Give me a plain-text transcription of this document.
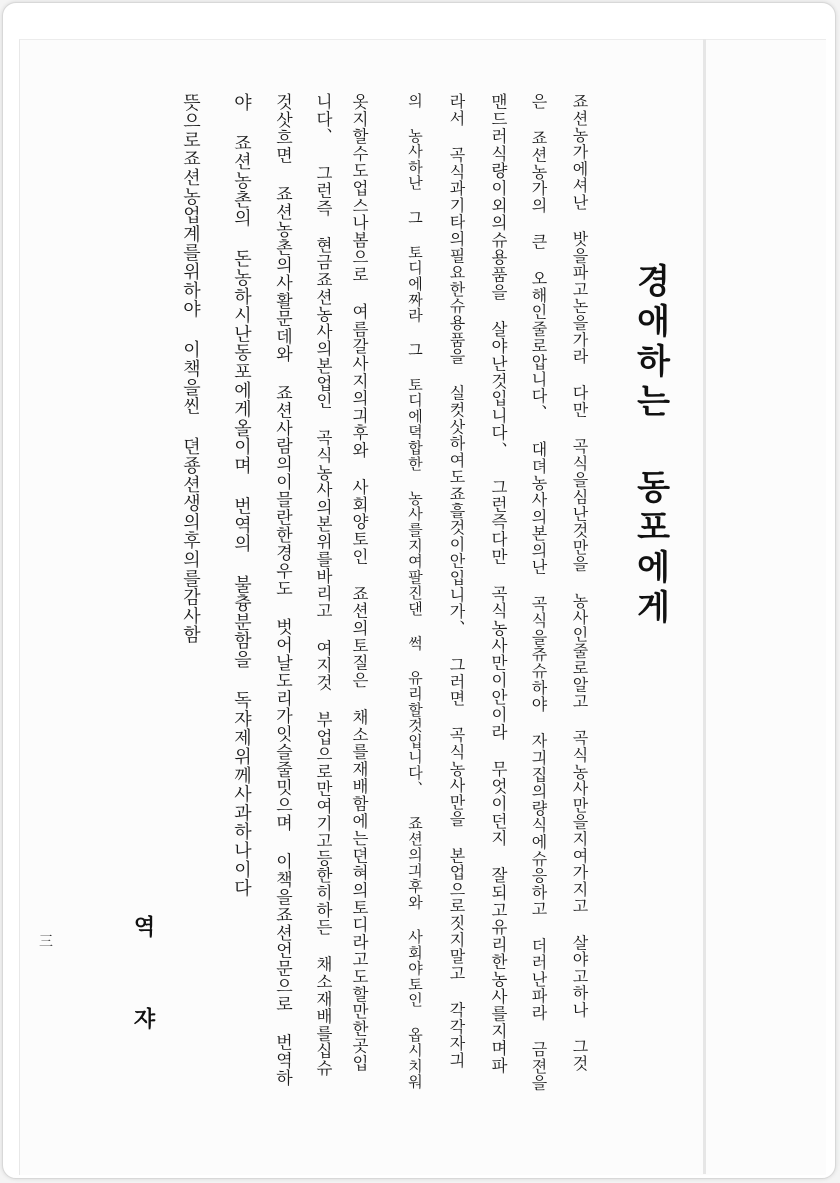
경애하는 동포에게
죠션농가에셔난 밧을파고논을가라 다만 곡식을심난것만을 농사인줄로알고 곡식농사만을지여가지고 살야고하나 그것
은 죠션농가의 큰 오해인줄로압니다、 대뎌농사의본의난 곡식을츄슈하야 자긔집의량식에슈응하고 더러난파라 금젼을
맨드러식량이외의슈용품을 살야난것입니다、 그런즉다만 곡식농사만이안이라 무엇이던지 잘되고유리한농사를지며파
라서 곡식과기타의필요한슈용품을 실컷삿하여도죠흘것이안입니가、 그러면 곡식농사만을 본업으로짓지말고 각각자긔
의 농사하난 그 토디에짜라 그 토디에뎍합한 농사를지여팔진댄 썩 유리할것입니다、 죠션의긔후와 사회야토인 옵시치워
옷지할수도업스나봄으로 여름갈사지의긔후와 사회양토인 죠션의토질은 채소를재배함에는뎐혀의토디라고도할만한곳입
니다、 그런즉 현금죠션농사의본업인 곡식농사의본위를바리고 여지것 부업으로만여기고등한히하든 채소재배를십슈
것삿흐면 죠션농촌의사활문데와 죠션사람의이믈란한경우도 벗어날도리가잇슬줄밋으며 이책을죠션언문으로 번역하
야 죠션농촌의 돈농하시난동포에게올이며 번역의 불츙분함을 독쟈제위께사과하나이다
뜻으로죠션농업계를위하야 이책을씬 뎐죵션생의후의를감사함
역쟈
三
